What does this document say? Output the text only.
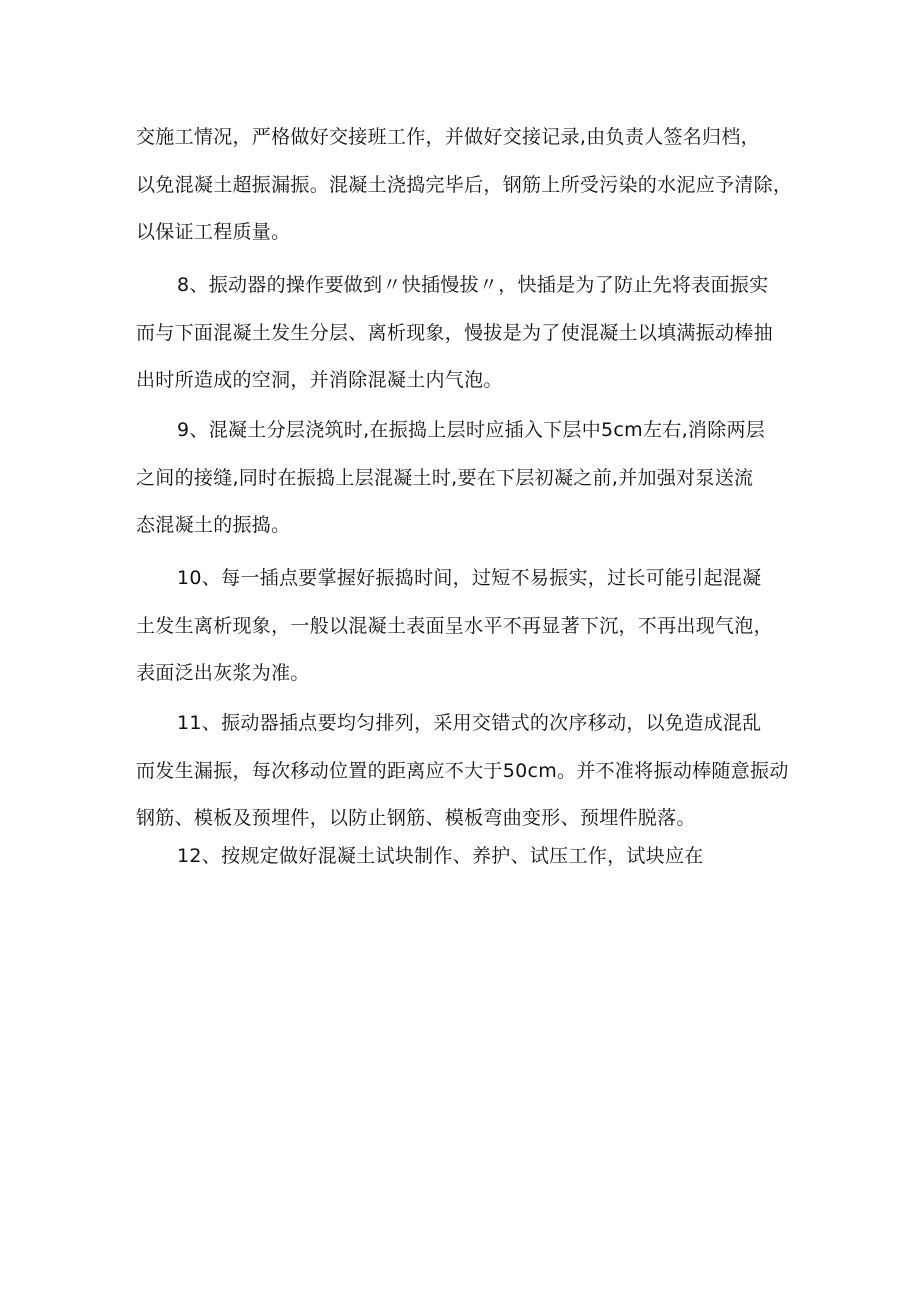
交施工情况，严格做好交接班工作，并做好交接记录,由负责人签名归档，
以免混凝土超振漏振。混凝土浇捣完毕后，钢筋上所受污染的水泥应予清除，
以保证工程质量。
8、振动器的操作要做到〃快插慢拔〃，快插是为了防止先将表面振实
而与下面混凝土发生分层、离析现象，慢拔是为了使混凝土以填满振动棒抽
出时所造成的空洞，并消除混凝土内气泡。
9、混凝土分层浇筑时,在振捣上层时应插入下层中5cm左右,消除两层
之间的接缝,同时在振捣上层混凝土时,要在下层初凝之前,并加强对泵送流
态混凝土的振捣。
10、每一插点要掌握好振捣时间，过短不易振实，过长可能引起混凝
土发生离析现象，一般以混凝土表面呈水平不再显著下沉，不再出现气泡，
表面泛出灰浆为准。
11、振动器插点要均匀排列，采用交错式的次序移动，以免造成混乱
而发生漏振，每次移动位置的距离应不大于50cm。并不准将振动棒随意振动
钢筋、模板及预埋件，以防止钢筋、模板弯曲变形、预埋件脱落。
12、按规定做好混凝土试块制作、养护、试压工作，试块应在
